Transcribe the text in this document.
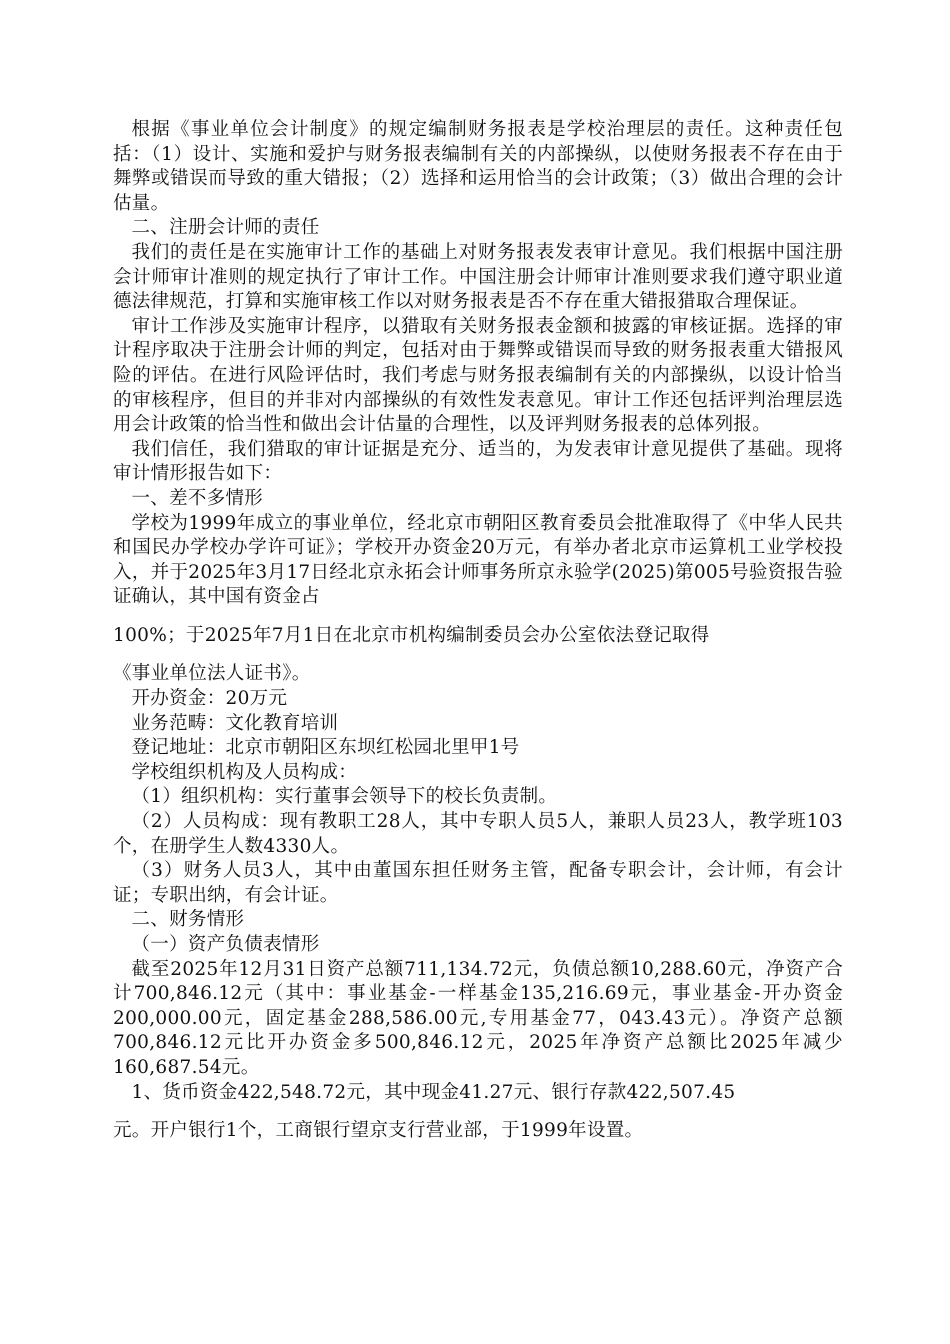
根据《事业单位会计制度》的规定编制财务报表是学校治理层的责任。这种责任包括：（1）设计、实施和爱护与财务报表编制有关的内部操纵，以使财务报表不存在由于舞弊或错误而导致的重大错报；（2）选择和运用恰当的会计政策；（3）做出合理的会计估量。

二、注册会计师的责任

我们的责任是在实施审计工作的基础上对财务报表发表审计意见。我们根据中国注册会计师审计准则的规定执行了审计工作。中国注册会计师审计准则要求我们遵守职业道德法律规范，打算和实施审核工作以对财务报表是否不存在重大错报猎取合理保证。

审计工作涉及实施审计程序，以猎取有关财务报表金额和披露的审核证据。选择的审计程序取决于注册会计师的判定，包括对由于舞弊或错误而导致的财务报表重大错报风险的评估。在进行风险评估时，我们考虑与财务报表编制有关的内部操纵，以设计恰当的审核程序，但目的并非对内部操纵的有效性发表意见。审计工作还包括评判治理层选用会计政策的恰当性和做出会计估量的合理性，以及评判财务报表的总体列报。

我们信任，我们猎取的审计证据是充分、适当的，为发表审计意见提供了基础。现将审计情形报告如下：

一、差不多情形

学校为1999年成立的事业单位，经北京市朝阳区教育委员会批准取得了《中华人民共和国民办学校办学许可证》；学校开办资金20万元，有举办者北京市运算机工业学校投入，并于2025年3月17日经北京永拓会计师事务所京永验学(2025)第005号验资报告验证确认，其中国有资金占

100%；于2025年7月1日在北京市机构编制委员会办公室依法登记取得

《事业单位法人证书》。

开办资金：20万元

业务范畴：文化教育培训

登记地址：北京市朝阳区东坝红松园北里甲1号

学校组织机构及人员构成：

（1）组织机构：实行董事会领导下的校长负责制。

（2）人员构成：现有教职工28人，其中专职人员5人，兼职人员23人，教学班103个，在册学生人数4330人。

（3）财务人员3人，其中由董国东担任财务主管，配备专职会计，会计师，有会计证；专职出纳，有会计证。

二、财务情形

（一）资产负债表情形

截至2025年12月31日资产总额711,134.72元，负债总额10,288.60元，净资产合计700,846.12元（其中：事业基金-一样基金135,216.69元，事业基金-开办资金200,000.00元，固定基金288,586.00元,专用基金77，043.43元）。净资产总额700,846.12元比开办资金多500,846.12元，2025年净资产总额比2025年减少160,687.54元。

1、货币资金422,548.72元，其中现金41.27元、银行存款422,507.45

元。开户银行1个，工商银行望京支行营业部，于1999年设置。
